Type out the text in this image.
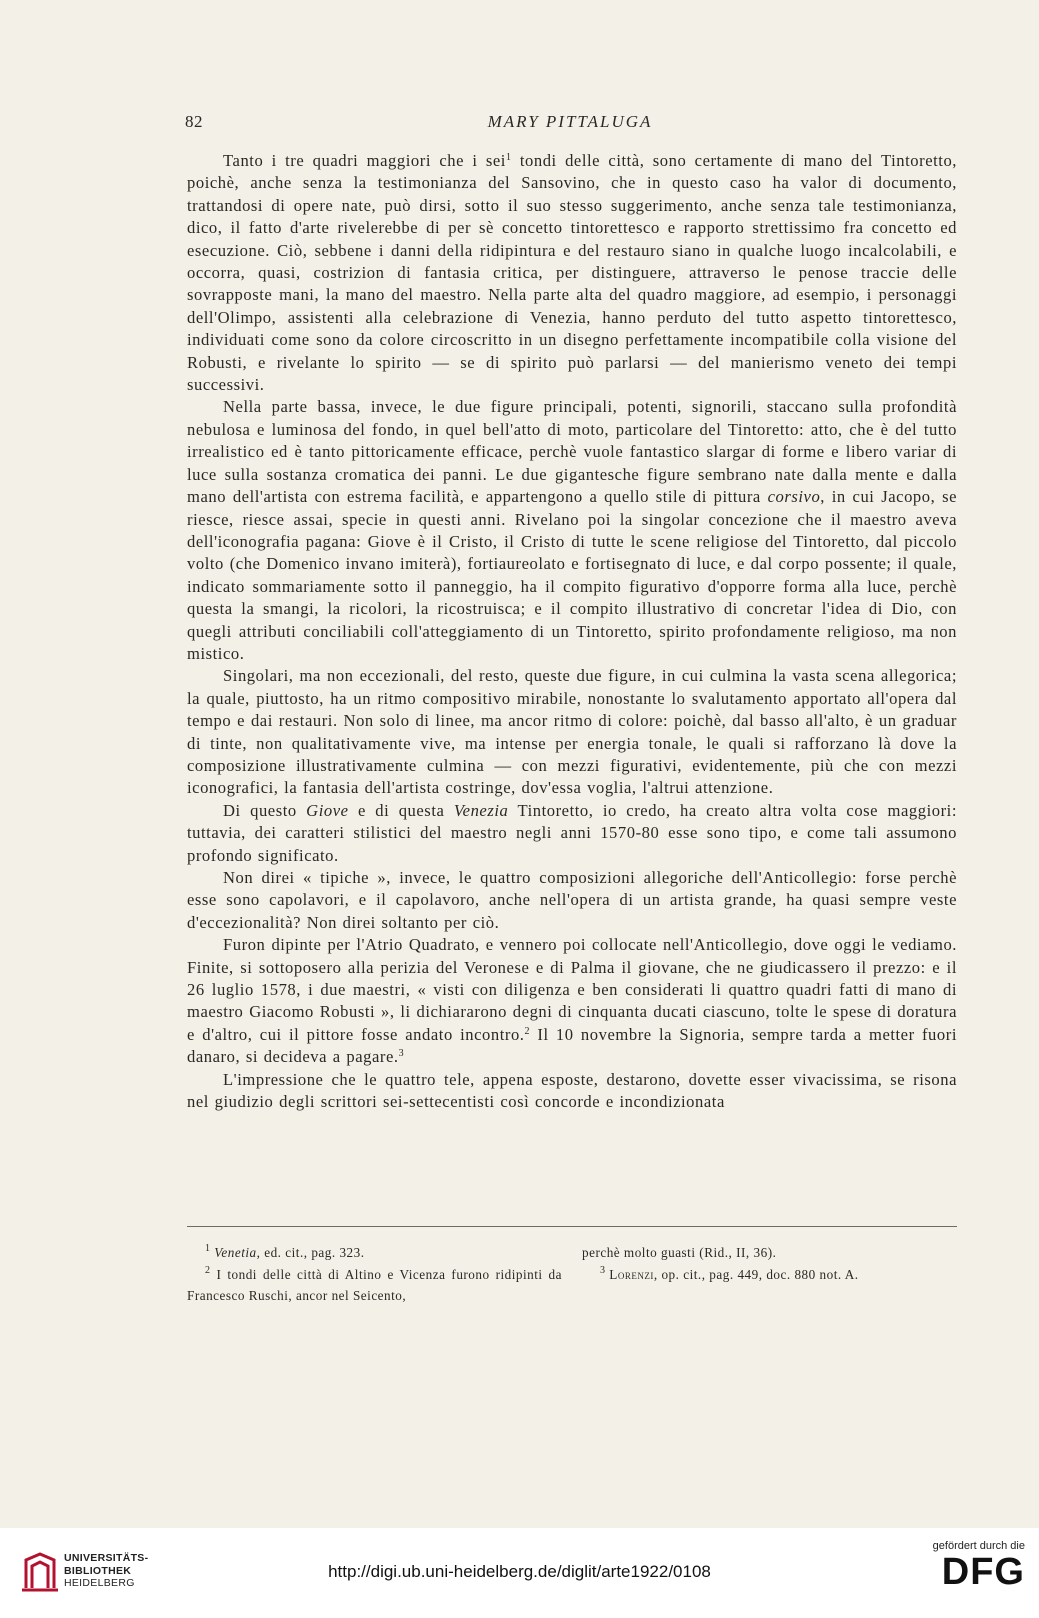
82	MARY PITTALUGA

Tanto i tre quadri maggiori che i sei$^1$ tondi delle città, sono certamente di mano del Tintoretto, poichè, anche senza la testimonianza del Sansovino, che in questo caso ha valor di documento, trattandosi di opere nate, può dirsi, sotto il suo stesso suggerimento, anche senza tale testimonianza, dico, il fatto d'arte rivelerebbe di per sè concetto tintorettesco e rapporto strettissimo fra concetto ed esecuzione. Ciò, sebbene i danni della ridipintura e del restauro siano in qualche luogo incalcolabili, e occorra, quasi, costrizion di fantasia critica, per distinguere, attraverso le penose traccie delle sovrapposte mani, la mano del maestro. Nella parte alta del quadro maggiore, ad esempio, i personaggi dell'Olimpo, assistenti alla celebrazione di Venezia, hanno perduto del tutto aspetto tintorettesco, individuati come sono da colore circoscritto in un disegno perfettamente incompatibile colla visione del Robusti, e rivelante lo spirito — se di spirito può parlarsi — del manierismo veneto dei tempi successivi.

Nella parte bassa, invece, le due figure principali, potenti, signorili, staccano sulla profondità nebulosa e luminosa del fondo, in quel bell'atto di moto, particolare del Tintoretto: atto, che è del tutto irrealistico ed è tanto pittoricamente efficace, perchè vuole fantastico slargar di forme e libero variar di luce sulla sostanza cromatica dei panni. Le due gigantesche figure sembrano nate dalla mente e dalla mano dell'artista con estrema facilità, e appartengono a quello stile di pittura corsivo, in cui Jacopo, se riesce, riesce assai, specie in questi anni. Rivelano poi la singolar concezione che il maestro aveva dell'iconografia pagana: Giove è il Cristo, il Cristo di tutte le scene religiose del Tintoretto, dal piccolo volto (che Domenico invano imiterà), fortiaureolato e fortisegnato di luce, e dal corpo possente; il quale, indicato sommariamente sotto il panneggio, ha il compito figurativo d'opporre forma alla luce, perchè questa la smangi, la ricolori, la ricostruisca; e il compito illustrativo di concretar l'idea di Dio, con quegli attributi conciliabili coll'atteggiamento di un Tintoretto, spirito profondamente religioso, ma non mistico.

Singolari, ma non eccezionali, del resto, queste due figure, in cui culmina la vasta scena allegorica; la quale, piuttosto, ha un ritmo compositivo mirabile, nonostante lo svalutamento apportato all'opera dal tempo e dai restauri. Non solo di linee, ma ancor ritmo di colore: poichè, dal basso all'alto, è un graduar di tinte, non qualitativamente vive, ma intense per energia tonale, le quali si rafforzano là dove la composizione illustrativamente culmina — con mezzi figurativi, evidentemente, più che con mezzi iconografici, la fantasia dell'artista costringe, dov'essa voglia, l'altrui attenzione.

Di questo Giove e di questa Venezia Tintoretto, io credo, ha creato altra volta cose maggiori: tuttavia, dei caratteri stilistici del maestro negli anni 1570-80 esse sono tipo, e come tali assumono profondo significato.

Non direi « tipiche », invece, le quattro composizioni allegoriche dell'Anticollegio: forse perchè esse sono capolavori, e il capolavoro, anche nell'opera di un artista grande, ha quasi sempre veste d'eccezionalità? Non direi soltanto per ciò.

Furon dipinte per l'Atrio Quadrato, e vennero poi collocate nell'Anticollegio, dove oggi le vediamo. Finite, si sottoposero alla perizia del Veronese e di Palma il giovane, che ne giudicassero il prezzo: e il 26 luglio 1578, i due maestri, « visti con diligenza e ben considerati li quattro quadri fatti di mano di maestro Giacomo Robusti », li dichiararono degni di cinquanta ducati ciascuno, tolte le spese di doratura e d'altro, cui il pittore fosse andato incontro.$^2$ Il 10 novembre la Signoria, sempre tarda a metter fuori danaro, si decideva a pagare.$^3$

L'impressione che le quattro tele, appena esposte, destarono, dovette esser vivacissima, se risona nel giudizio degli scrittori sei-settecentisti così concorde e incondizionata

$^1$ Venetia, ed. cit., pag. 323.

$^2$ I tondi delle città di Altino e Vicenza furono ridipinti da Francesco Ruschi, ancor nel Seicento,

perchè molto guasti (Rid., II, 36).

$^3$ Lorenzi, op. cit., pag. 449, doc. 880 not. A.

UNIVERSITÄTS-
BIBLIOTHEK
HEIDELBERG
http://digi.ub.uni-heidelberg.de/diglit/arte1922/0108
gefördert durch die
DFG
